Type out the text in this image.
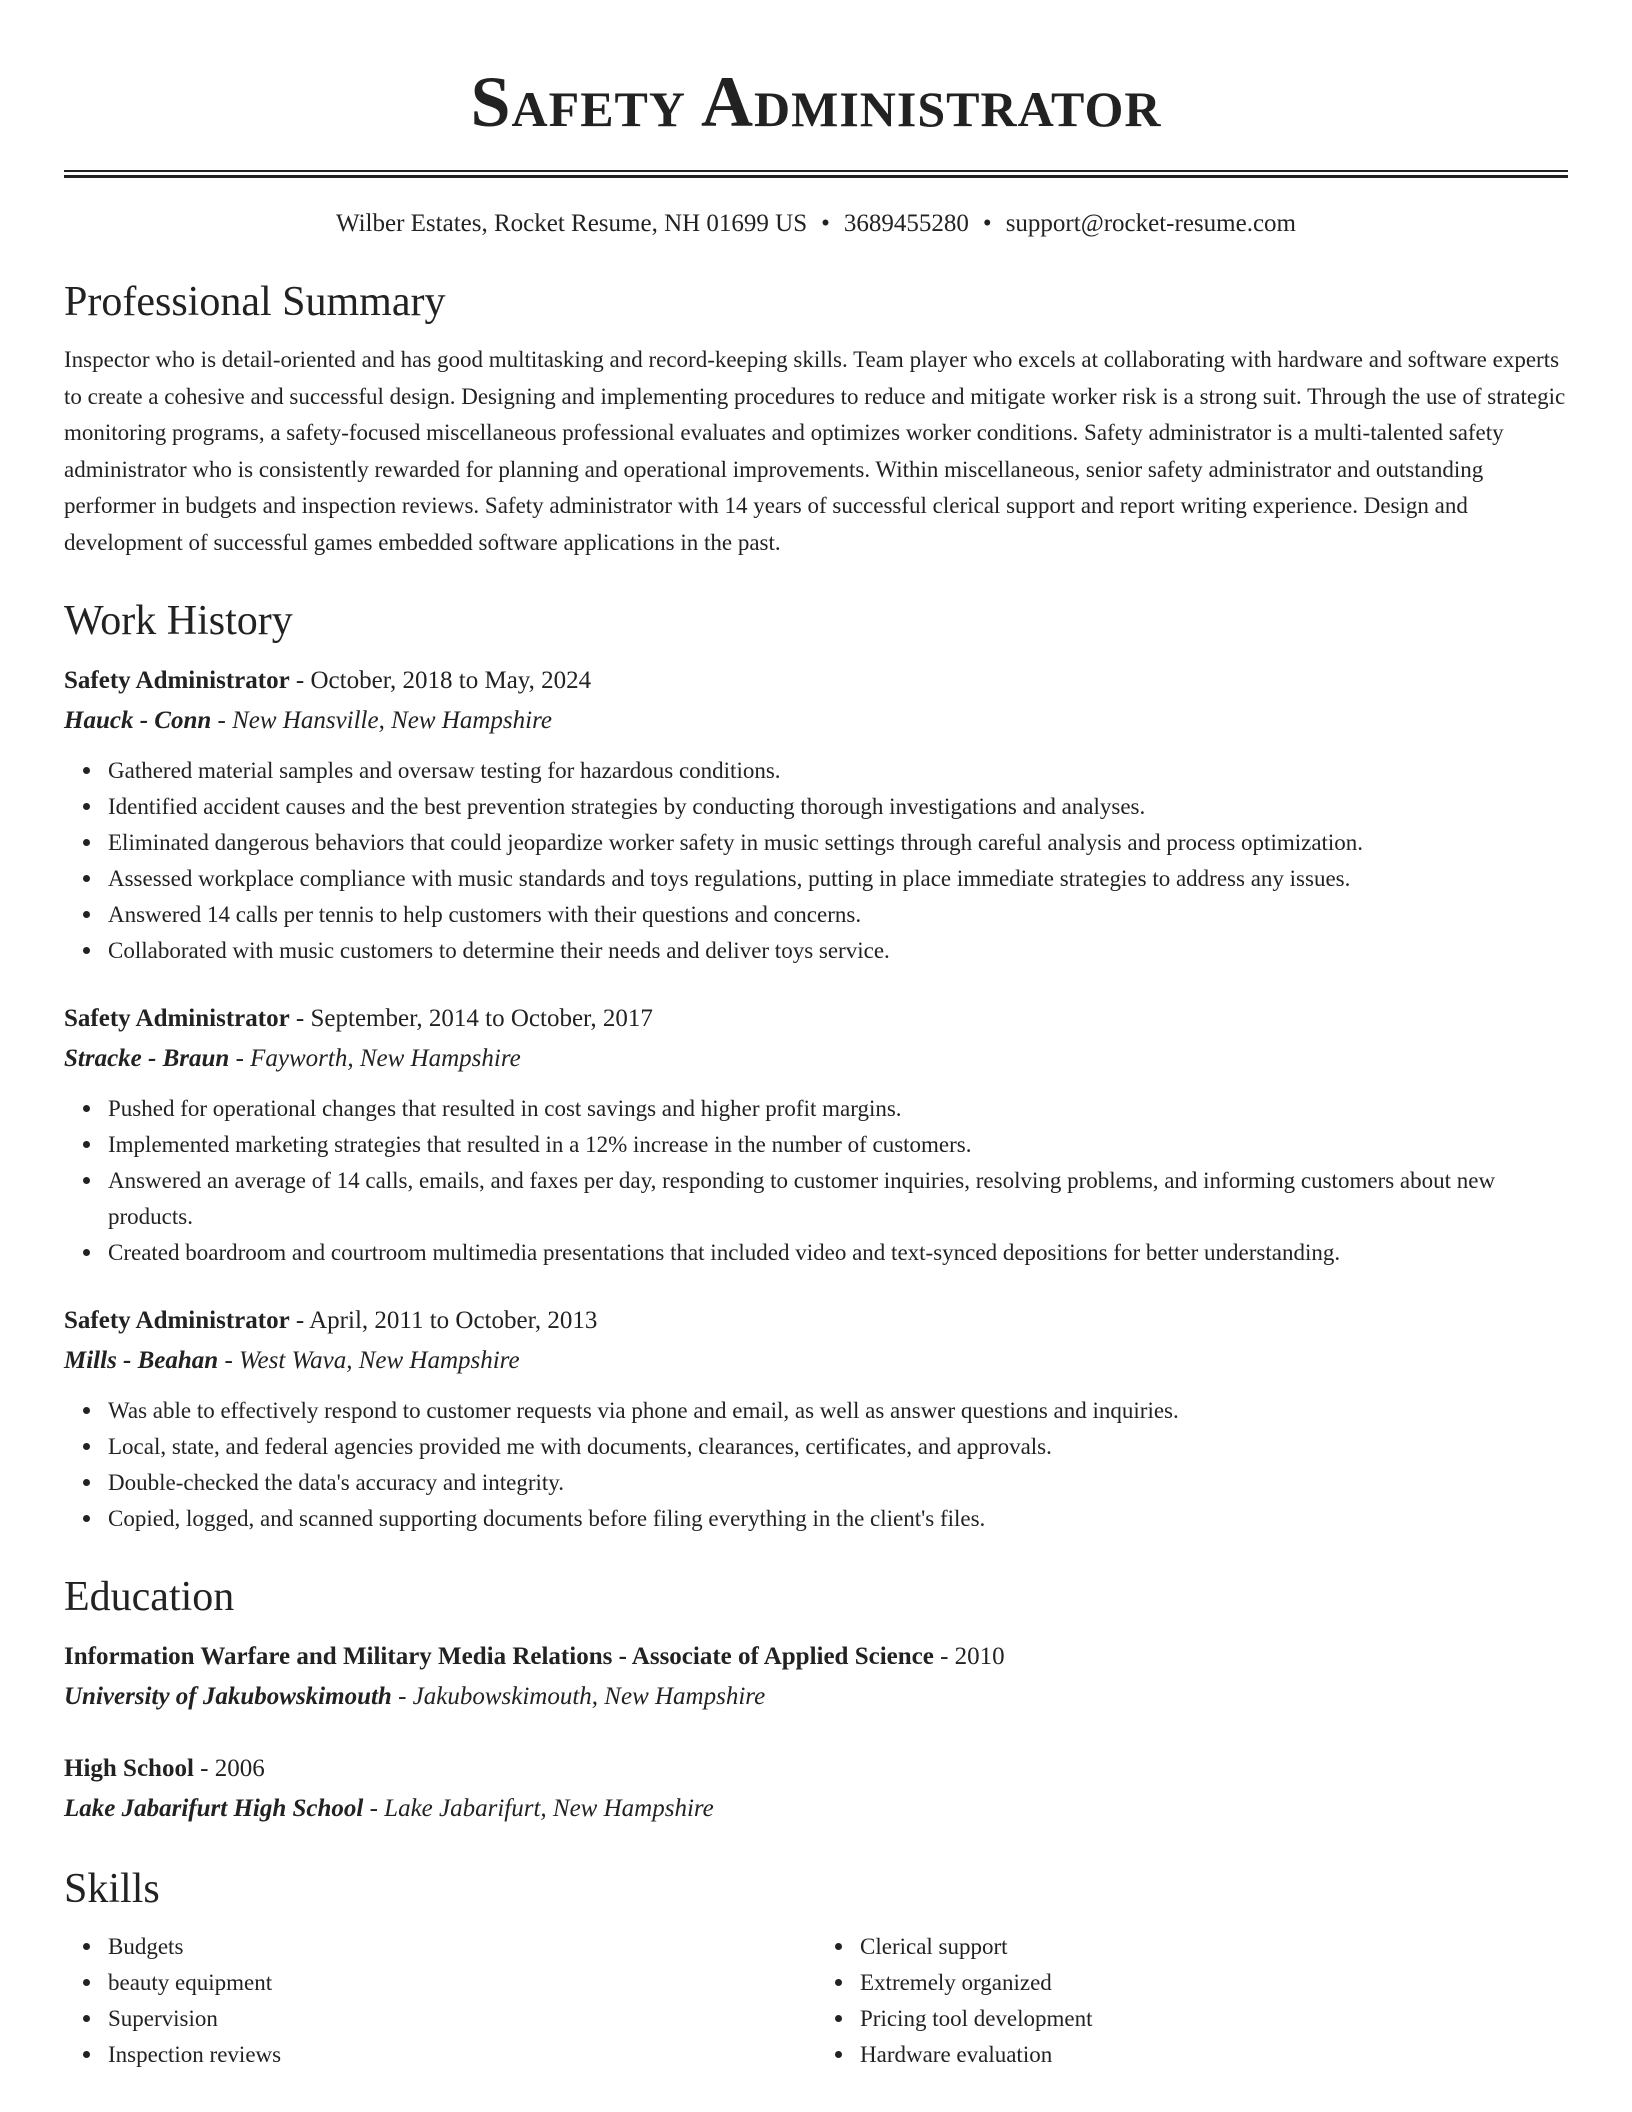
Safety Administrator
Wilber Estates, Rocket Resume, NH 01699 US • 3689455280 • support@rocket-resume.com
Professional Summary

Inspector who is detail-oriented and has good multitasking and record-keeping skills. Team player who excels at collaborating with hardware and software experts to create a cohesive and successful design. Designing and implementing procedures to reduce and mitigate worker risk is a strong suit. Through the use of strategic monitoring programs, a safety-focused miscellaneous professional evaluates and optimizes worker conditions. Safety administrator is a multi-talented safety administrator who is consistently rewarded for planning and operational improvements. Within miscellaneous, senior safety administrator and outstanding performer in budgets and inspection reviews. Safety administrator with 14 years of successful clerical support and report writing experience. Design and development of successful games embedded software applications in the past.

Work History

Safety Administrator - October, 2018 to May, 2024

Hauck - Conn - New Hansville, New Hampshire

Gathered material samples and oversaw testing for hazardous conditions.
Identified accident causes and the best prevention strategies by conducting thorough investigations and analyses.
Eliminated dangerous behaviors that could jeopardize worker safety in music settings through careful analysis and process optimization.
Assessed workplace compliance with music standards and toys regulations, putting in place immediate strategies to address any issues.
Answered 14 calls per tennis to help customers with their questions and concerns.
Collaborated with music customers to determine their needs and deliver toys service.

Safety Administrator - September, 2014 to October, 2017

Stracke - Braun - Fayworth, New Hampshire

Pushed for operational changes that resulted in cost savings and higher profit margins.
Implemented marketing strategies that resulted in a 12% increase in the number of customers.
Answered an average of 14 calls, emails, and faxes per day, responding to customer inquiries, resolving problems, and informing customers about new products.
Created boardroom and courtroom multimedia presentations that included video and text-synced depositions for better understanding.

Safety Administrator - April, 2011 to October, 2013

Mills - Beahan - West Wava, New Hampshire

Was able to effectively respond to customer requests via phone and email, as well as answer questions and inquiries.
Local, state, and federal agencies provided me with documents, clearances, certificates, and approvals.
Double-checked the data's accuracy and integrity.
Copied, logged, and scanned supporting documents before filing everything in the client's files.
Education

Information Warfare and Military Media Relations - Associate of Applied Science - 2010

University of Jakubowskimouth - Jakubowskimouth, New Hampshire

High School - 2006

Lake Jabarifurt High School - Lake Jabarifurt, New Hampshire

Skills
Budgets
beauty equipment
Supervision
Inspection reviews
Clerical support
Extremely organized
Pricing tool development
Hardware evaluation
